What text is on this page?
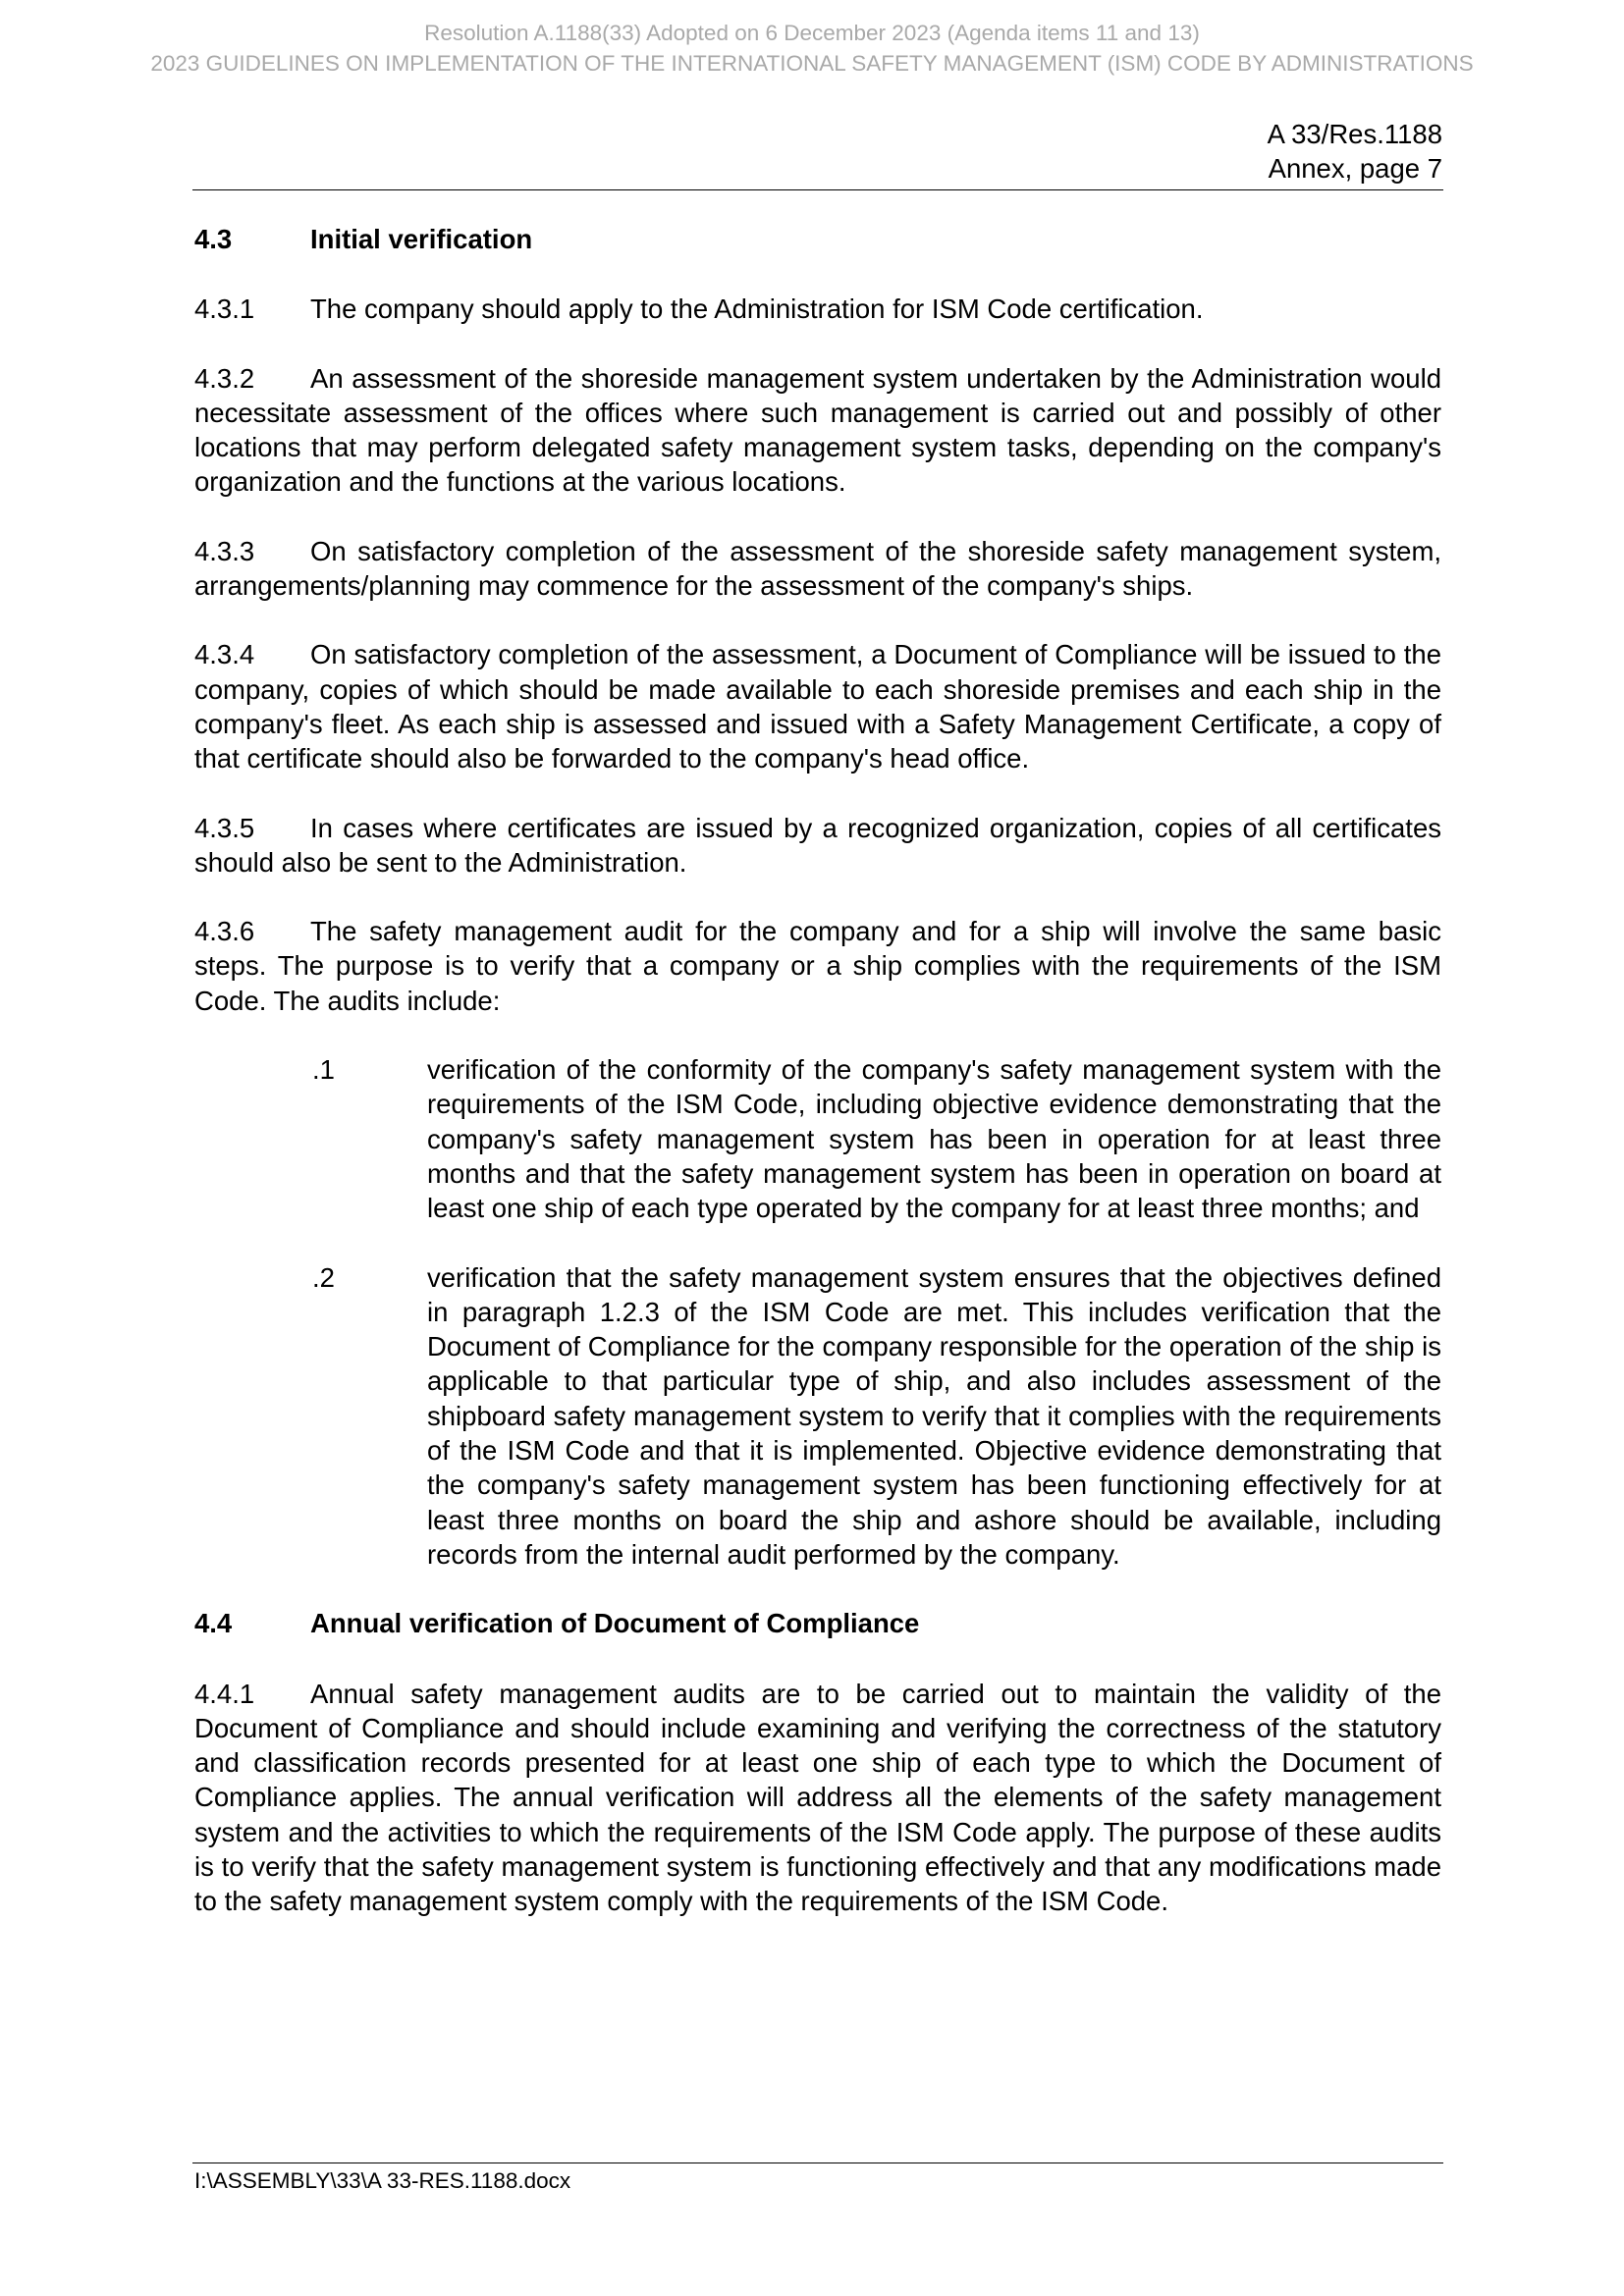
Resolution A.1188(33) Adopted on 6 December 2023 (Agenda items 11 and 13)
2023 GUIDELINES ON IMPLEMENTATION OF THE INTERNATIONAL SAFETY MANAGEMENT (ISM) CODE BY ADMINISTRATIONS
A 33/Res.1188
Annex, page 7
4.3	Initial verification

4.3.1 The company should apply to the Administration for ISM Code certification.

4.3.2 An assessment of the shoreside management system undertaken by the Administration would necessitate assessment of the offices where such management is carried out and possibly of other locations that may perform delegated safety management system tasks, depending on the company's organization and the functions at the various locations.

4.3.3 On satisfactory completion of the assessment of the shoreside safety management system, arrangements/planning may commence for the assessment of the company's ships.

4.3.4 On satisfactory completion of the assessment, a Document of Compliance will be issued to the company, copies of which should be made available to each shoreside premises and each ship in the company's fleet. As each ship is assessed and issued with a Safety Management Certificate, a copy of that certificate should also be forwarded to the company's head office.

4.3.5 In cases where certificates are issued by a recognized organization, copies of all certificates should also be sent to the Administration.

4.3.6 The safety management audit for the company and for a ship will involve the same basic steps. The purpose is to verify that a company or a ship complies with the requirements of the ISM Code. The audits include:

.1	verification of the conformity of the company's safety management system with the requirements of the ISM Code, including objective evidence demonstrating that the company's safety management system has been in operation for at least three months and that the safety management system has been in operation on board at least one ship of each type operated by the company for at least three months; and
.2	verification that the safety management system ensures that the objectives defined in paragraph 1.2.3 of the ISM Code are met. This includes verification that the Document of Compliance for the company responsible for the operation of the ship is applicable to that particular type of ship, and also includes assessment of the shipboard safety management system to verify that it complies with the requirements of the ISM Code and that it is implemented. Objective evidence demonstrating that the company's safety management system has been functioning effectively for at least three months on board the ship and ashore should be available, including records from the internal audit performed by the company.
4.4	Annual verification of Document of Compliance

4.4.1 Annual safety management audits are to be carried out to maintain the validity of the Document of Compliance and should include examining and verifying the correctness of the statutory and classification records presented for at least one ship of each type to which the Document of Compliance applies. The annual verification will address all the elements of the safety management system and the activities to which the requirements of the ISM Code apply. The purpose of these audits is to verify that the safety management system is functioning effectively and that any modifications made to the safety management system comply with the requirements of the ISM Code.

I:\ASSEMBLY\33\A 33-RES.1188.docx
